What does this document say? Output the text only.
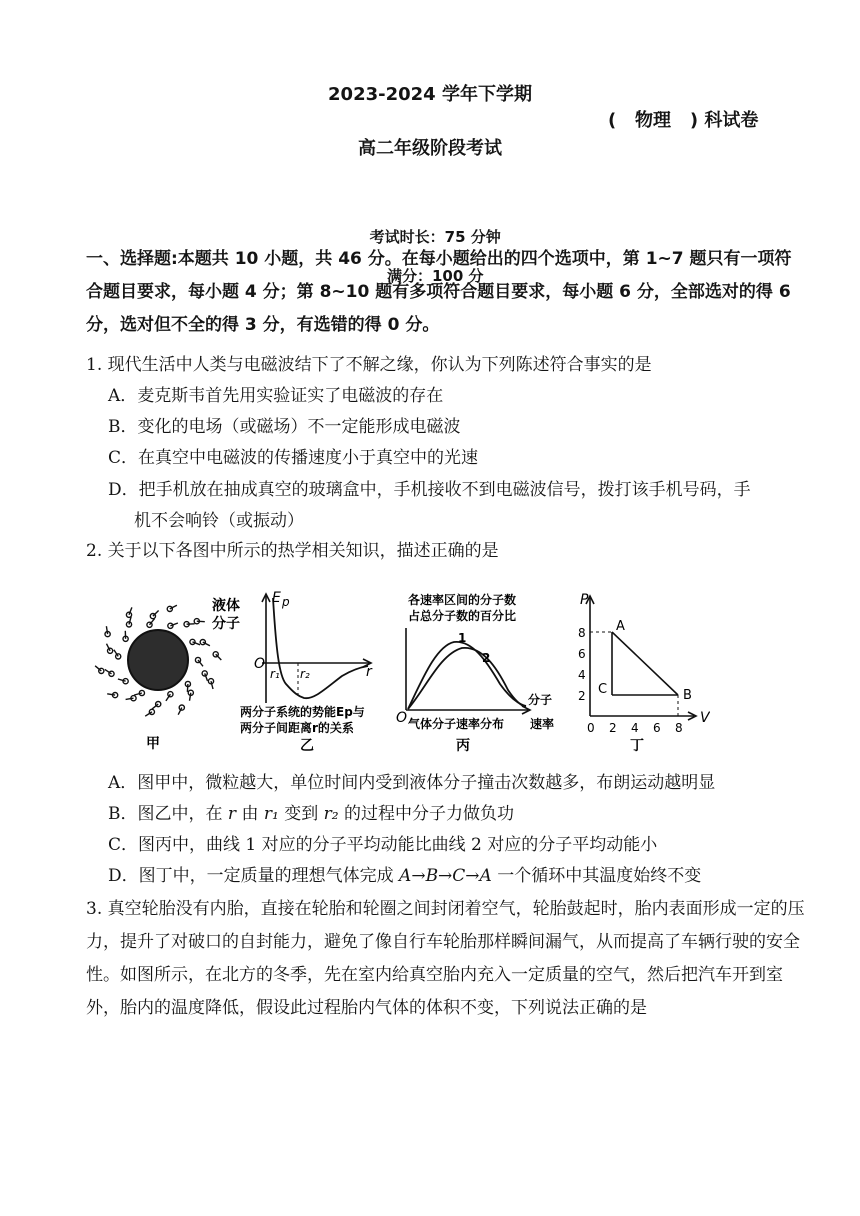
2023-2024 学年下学期
(   物理   ) 科试卷
高二年级阶段考试

考试时长：75 分钟

满分：100 分

一、选择题:本题共 10 小题，共 46 分。在每小题给出的四个选项中，第 1~7 题只有一项符合题目要求，每小题 4 分；第 8~10 题有多项符合题目要求，每小题 6 分，全部选对的得 6 分，选对但不全的得 3 分，有选错的得 0 分。
1. 现代生活中人类与电磁波结下了不解之缘，你认为下列陈述符合事实的是
A．麦克斯韦首先用实验证实了电磁波的存在
B．变化的电场（或磁场）不一定能形成电磁波
C．在真空中电磁波的传播速度小于真空中的光速
D．把手机放在抽成真空的玻璃盒中，手机接收不到电磁波信号，拨打该手机号码，手
机不会响铃（或振动）
2. 关于以下各图中所示的热学相关知识，描述正确的是
液体
分子
甲
E p
O
r₁ r₂	r
两分子系统的势能Ep与
两分子间距离r的关系
乙
各速率区间的分子数
占总分子数的百分比
1
2
O 气体分子速率分布
分子
速率
丙
P
V
2
4
6
8
0 2 4 6 8
A
B
C
丁
A．图甲中，微粒越大，单位时间内受到液体分子撞击次数越多，布朗运动越明显
B．图乙中，在 r 由 r₁ 变到 r₂ 的过程中分子力做负功
C．图丙中，曲线 1 对应的分子平均动能比曲线 2 对应的分子平均动能小
D．图丁中，一定质量的理想气体完成 A→B→C→A 一个循环中其温度始终不变
3. 真空轮胎没有内胎，直接在轮胎和轮圈之间封闭着空气，轮胎鼓起时，胎内表面形成一定的压力，提升了对破口的自封能力，避免了像自行车轮胎那样瞬间漏气，从而提高了车辆行驶的安全性。如图所示，在北方的冬季，先在室内给真空胎内充入一定质量的空气，然后把汽车开到室外，胎内的温度降低，假设此过程胎内气体的体积不变，下列说法正确的是
